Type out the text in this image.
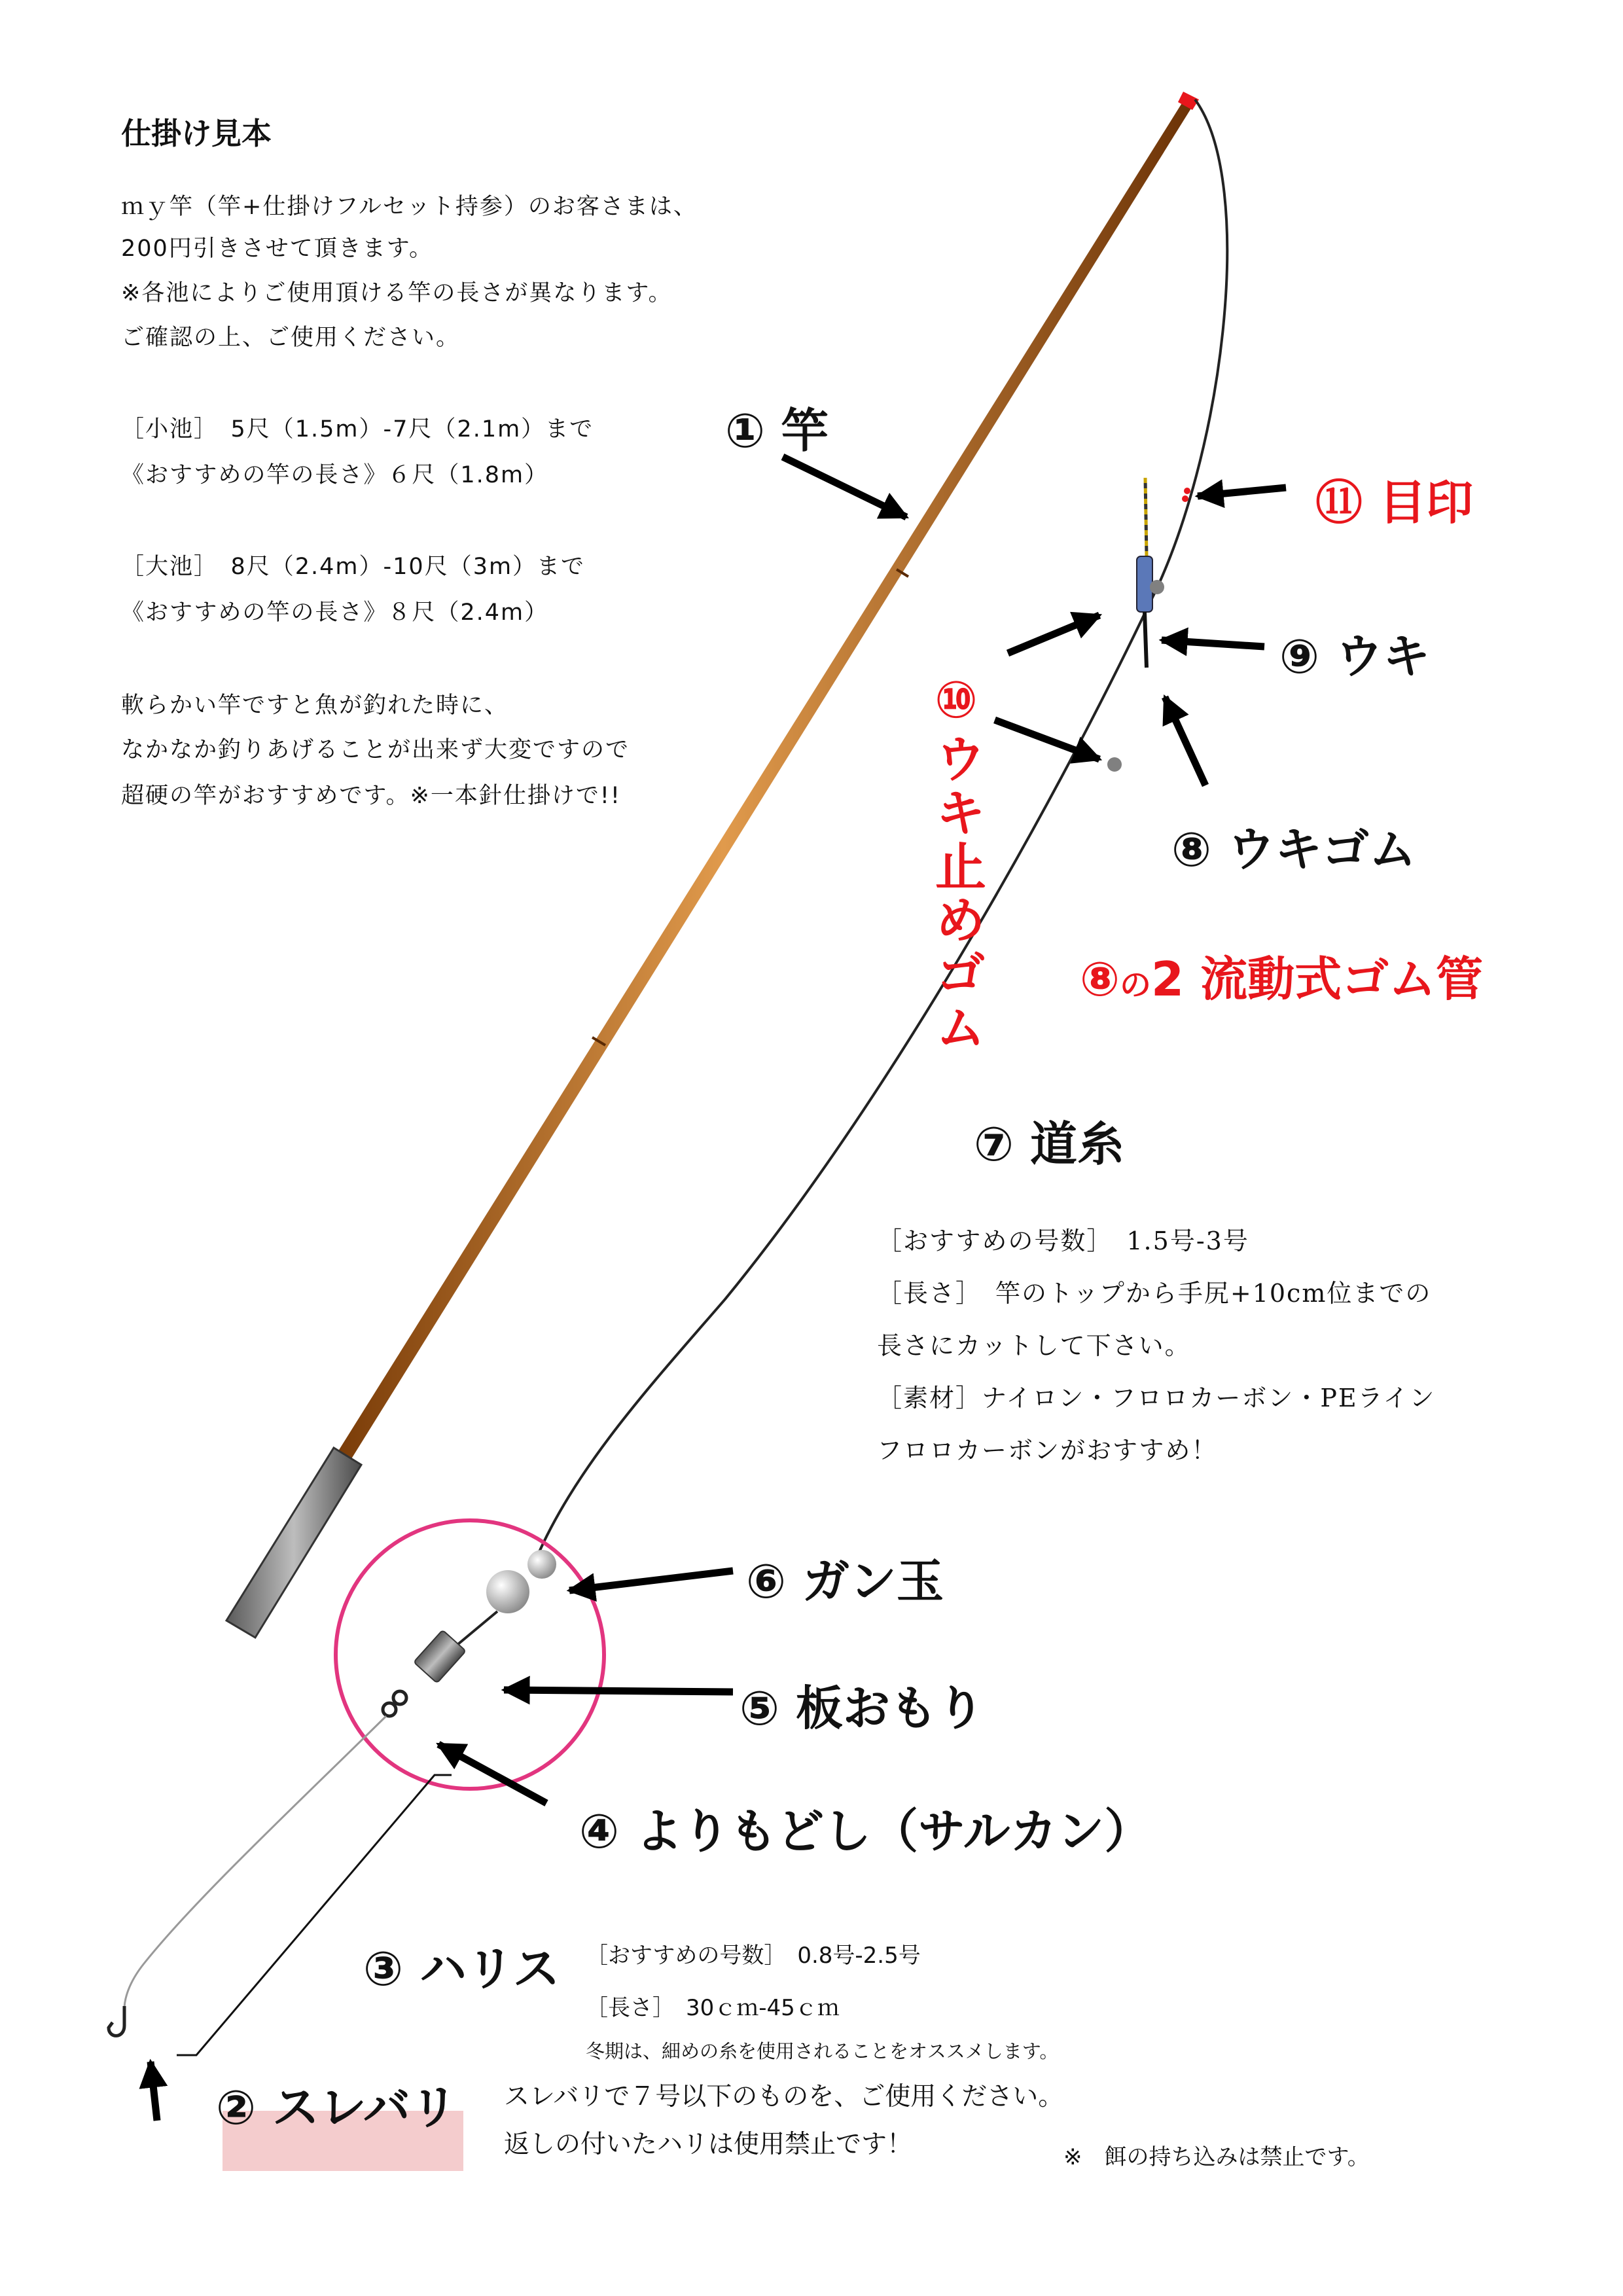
仕掛け見本
ｍｙ竿（竿+仕掛けフルセット持参）のお客さまは、
200円引きさせて頂きます。
※各池によりご使用頂ける竿の長さが異なります。
ご確認の上、ご使用ください。
［小池］　5尺（1.5m）-7尺（2.1m）まで
《おすすめの竿の長さ》６尺（1.8m）
［大池］　8尺（2.4m）-10尺（3m）まで
《おすすめの竿の長さ》８尺（2.4m）
軟らかい竿ですと魚が釣れた時に、
なかなか釣りあげることが出来ず大変ですので
超硬の竿がおすすめです。※一本針仕掛けで!!
① 竿
⑪ 目印
⑨ ウキ
⑩ウキ止めゴム	⑧ ウキゴム
⑧の2 流動式ゴム管
⑦ 道糸
［おすすめの号数］　1.5号-3号
［長さ］　竿のトップから手尻+10cm位までの
長さにカットして下さい。
［素材］ナイロン・フロロカーボン・PEライン
フロロカーボンがおすすめ！
⑥ ガン玉
⑤ 板おもり
④ よりもどし（サルカン）
③ ハリス ［おすすめの号数］　0.8号-2.5号
［長さ］　30ｃｍ-45ｃｍ
冬期は、細めの糸を使用されることをオススメします。
② スレバリ スレバリで７号以下のものを、ご使用ください。
返しの付いたハリは使用禁止です！	※　餌の持ち込みは禁止です。
